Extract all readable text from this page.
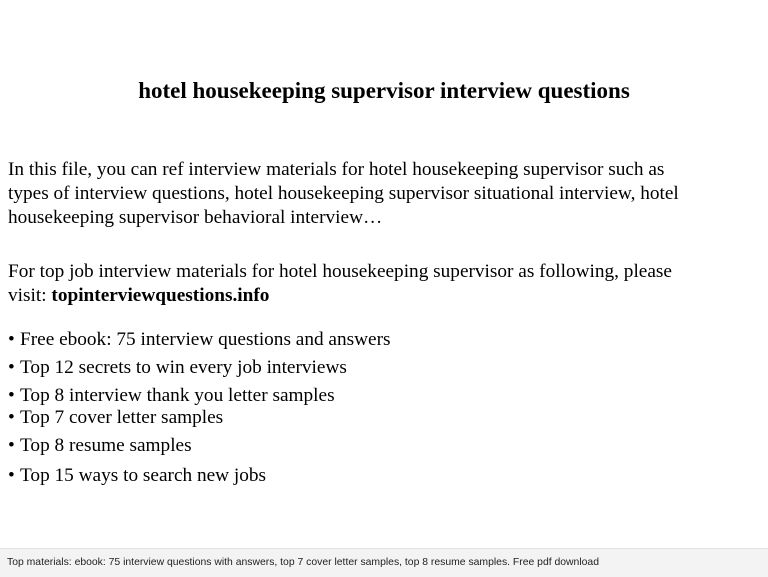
hotel housekeeping supervisor interview questions

In this file, you can ref interview materials for hotel housekeeping supervisor such as
types of interview questions, hotel housekeeping supervisor situational interview, hotel
housekeeping supervisor behavioral interview…

For top job interview materials for hotel housekeeping supervisor as following, please
visit: topinterviewquestions.info

• Free ebook: 75 interview questions and answers
• Top 12 secrets to win every job interviews
• Top 8 interview thank you letter samples
• Top 7 cover letter samples
• Top 8 resume samples
• Top 15 ways to search new jobs
Top materials: ebook: 75 interview questions with answers, top 7 cover letter samples, top 8 resume samples. Free pdf download
